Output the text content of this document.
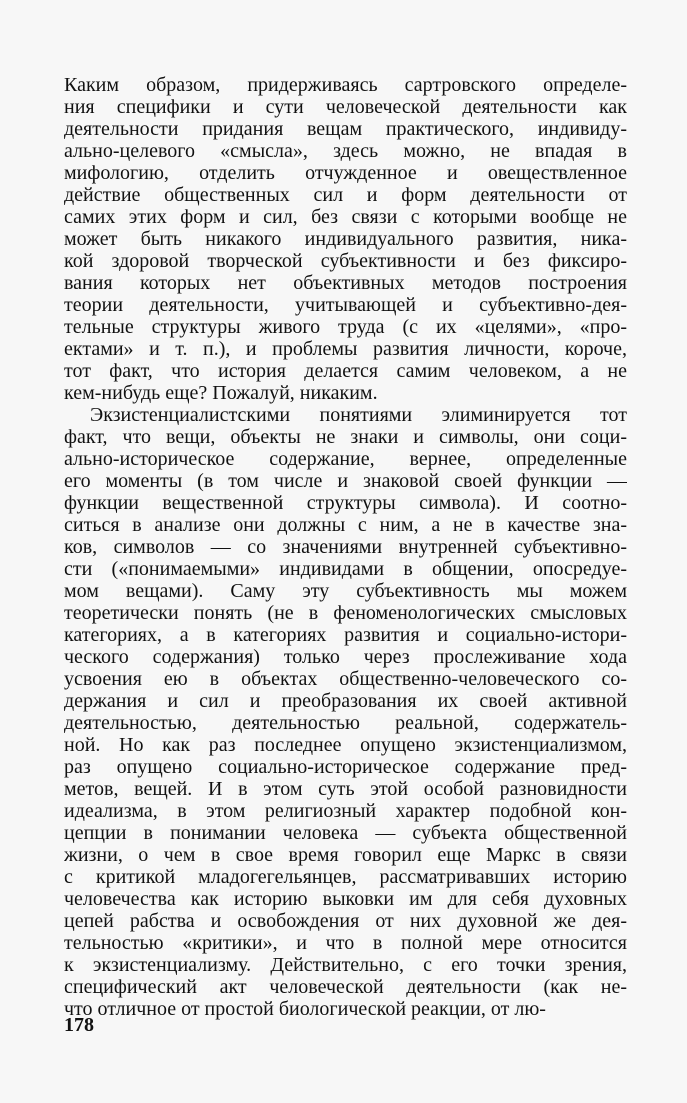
Каким образом, придерживаясь сартровского определе-
ния специфики и сути человеческой деятельности как
деятельности придания вещам практического, индивиду-
ально-целевого «смысла», здесь можно, не впадая в
мифологию, отделить отчужденное и овеществленное
действие общественных сил и форм деятельности от
самих этих форм и сил, без связи с которыми вообще не
может быть никакого индивидуального развития, ника-
кой здоровой творческой субъективности и без фиксиро-
вания которых нет объективных методов построения
теории деятельности, учитывающей и субъективно-дея-
тельные структуры живого труда (с их «целями», «про-
ектами» и т. п.), и проблемы развития личности, короче,
тот факт, что история делается самим человеком, а не
кем-нибудь еще? Пожалуй, никаким.
Экзистенциалистскими понятиями элиминируется тот
факт, что вещи, объекты не знаки и символы, они соци-
ально-историческое содержание, вернее, определенные
его моменты (в том числе и знаковой своей функции —
функции вещественной структуры символа). И соотно-
ситься в анализе они должны с ним, а не в качестве зна-
ков, символов — со значениями внутренней субъективно-
сти («понимаемыми» индивидами в общении, опосредуе-
мом вещами). Саму эту субъективность мы можем
теоретически понять (не в феноменологических смысловых
категориях, а в категориях развития и социально-истори-
ческого содержания) только через прослеживание хода
усвоения ею в объектах общественно-человеческого со-
держания и сил и преобразования их своей активной
деятельностью, деятельностью реальной, содержатель-
ной. Но как раз последнее опущено экзистенциализмом,
раз опущено социально-историческое содержание пред-
метов, вещей. И в этом суть этой особой разновидности
идеализма, в этом религиозный характер подобной кон-
цепции в понимании человека — субъекта общественной
жизни, о чем в свое время говорил еще Маркс в связи
с критикой младогегельянцев, рассматривавших историю
человечества как историю выковки им для себя духовных
цепей рабства и освобождения от них духовной же дея-
тельностью «критики», и что в полной мере относится
к экзистенциализму. Действительно, с его точки зрения,
специфический акт человеческой деятельности (как не-
что отличное от простой биологической реакции, от лю-
178
